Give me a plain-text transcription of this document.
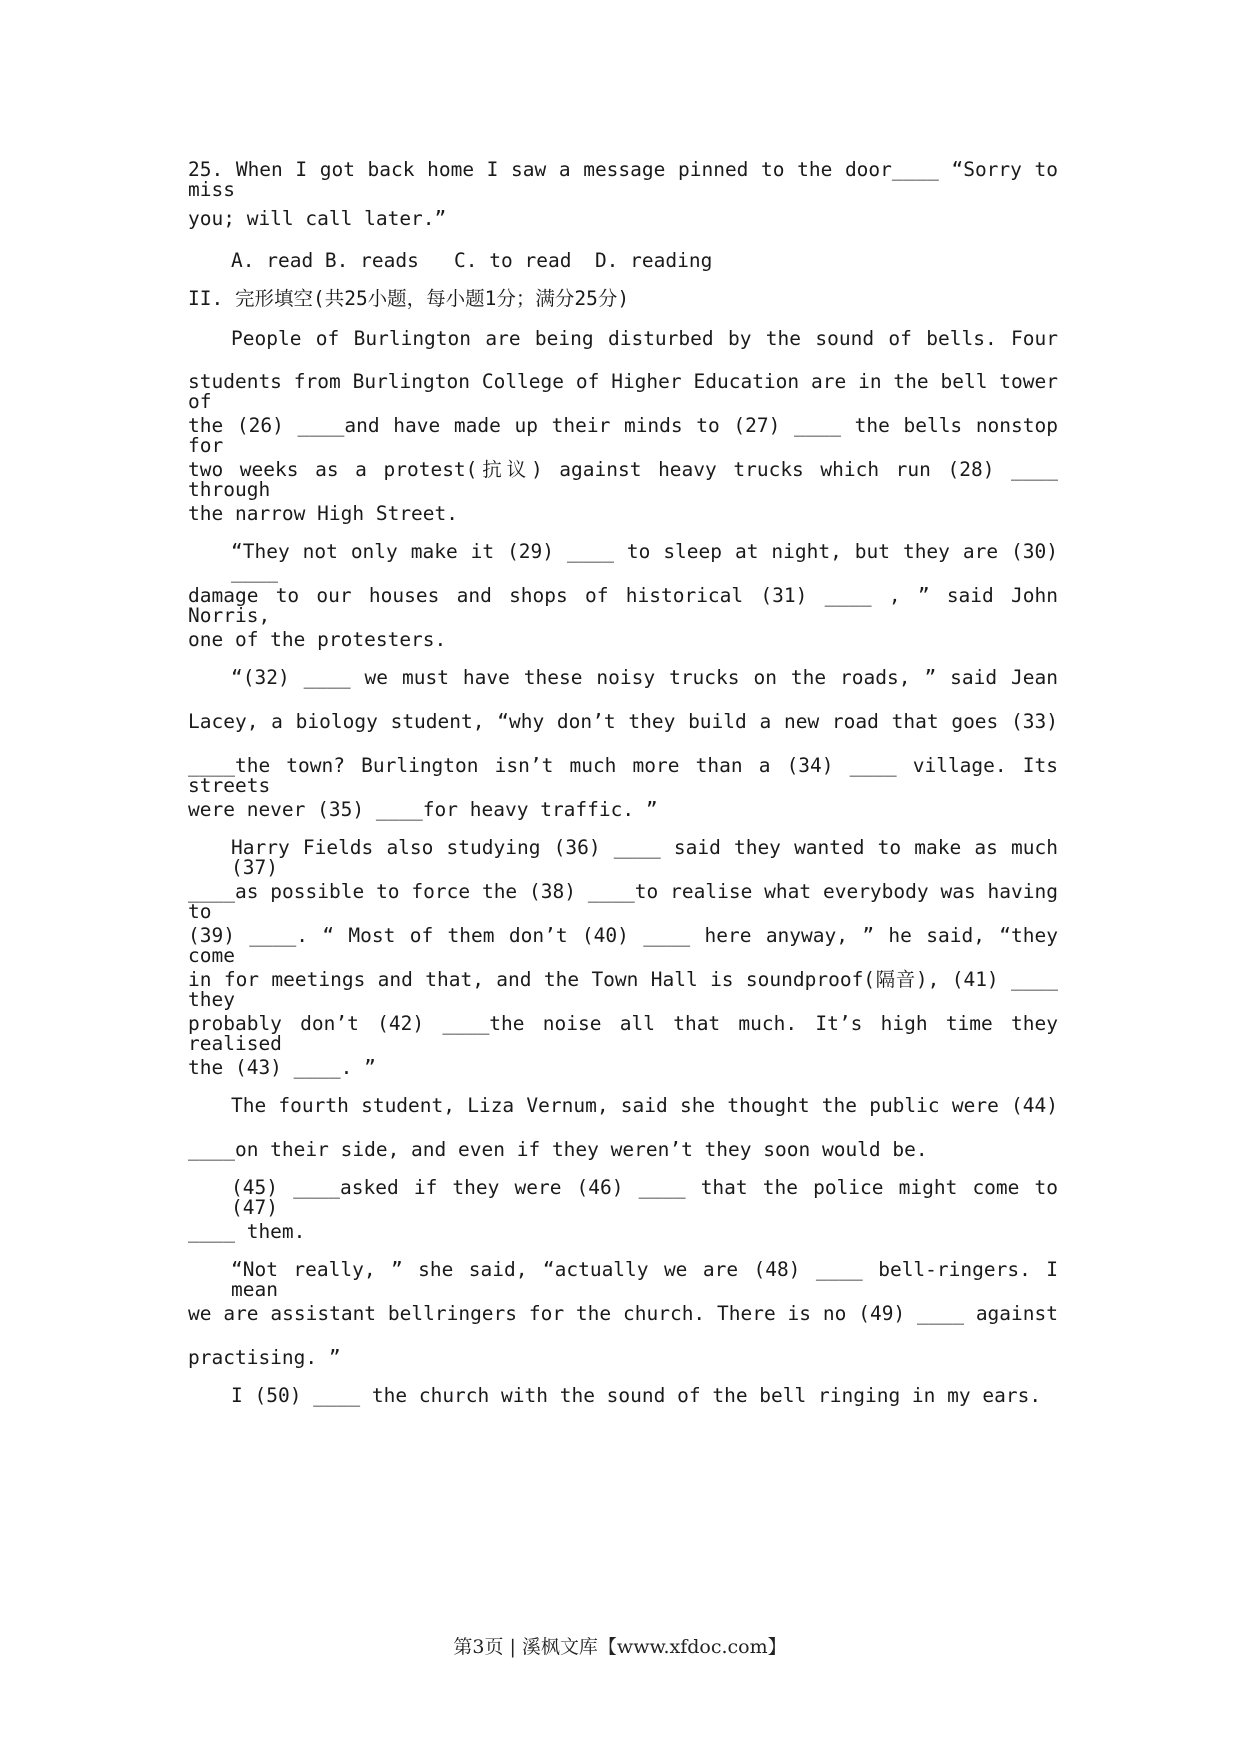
25. When I got back home I saw a message pinned to the door____ “Sorry to miss
you; will call later.”
A. read B. reads   C. to read  D. reading
II. 完形填空(共25小题，每小题1分；满分25分)
People of Burlington are being disturbed by the sound of bells. Four
students from Burlington College of Higher Education are in the bell tower of
the (26) ____and have made up their minds to (27) ____ the bells nonstop for
two weeks as a protest(抗议) against heavy trucks which run (28) ____ through
the narrow High Street.
“They not only make it (29) ____ to sleep at night, but they are (30) ____
damage to our houses and shops of historical (31) ____ , ” said John Norris,
one of the protesters.
“(32) ____ we must have these noisy trucks on the roads, ” said Jean
Lacey, a biology student, “why don’t they build a new road that goes (33)
____the town? Burlington isn’t much more than a (34) ____ village. Its streets
were never (35) ____for heavy traffic. ”
Harry Fields also studying (36) ____ said they wanted to make as much (37)
____as possible to force the (38) ____to realise what everybody was having to
(39) ____. “ Most of them don’t (40) ____ here anyway, ” he said, “they come
in for meetings and that, and the Town Hall is soundproof(隔音), (41) ____ they
probably don’t (42) ____the noise all that much. It’s high time they realised
the (43) ____. ”
The fourth student, Liza Vernum, said she thought the public were (44)
____on their side, and even if they weren’t they soon would be.
(45) ____asked if they were (46) ____ that the police might come to (47)
____ them.
“Not really, ” she said, “actually we are (48) ____ bell-ringers. I mean
we are assistant bellringers for the church. There is no (49) ____ against
practising. ”
I (50) ____ the church with the sound of the bell ringing in my ears.
第3页 | 溪枫文库【www.xfdoc.com】
